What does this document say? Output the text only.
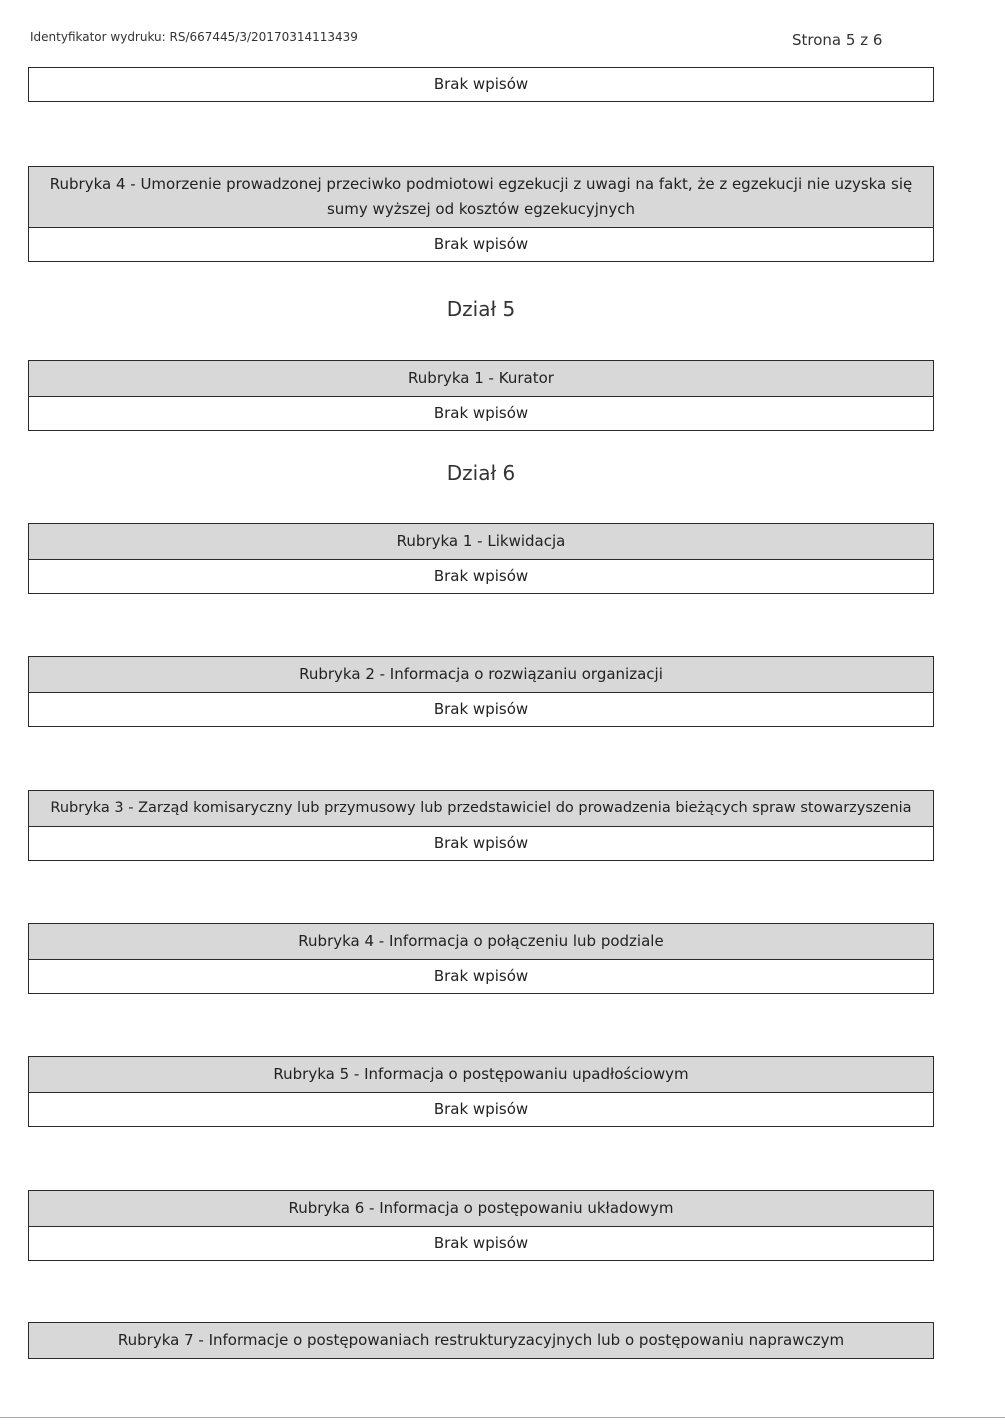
Identyfikator wydruku: RS/667445/3/20170314113439	Strona 5 z 6
Brak wpisów
Rubryka 4 - Umorzenie prowadzonej przeciwko podmiotowi egzekucji z uwagi na fakt, że z egzekucji nie uzyska się sumy wyższej od kosztów egzekucyjnych
Brak wpisów
Dział 5
Rubryka 1 - Kurator
Brak wpisów
Dział 6
Rubryka 1 - Likwidacja
Brak wpisów
Rubryka 2 - Informacja o rozwiązaniu organizacji
Brak wpisów
Rubryka 3 - Zarząd komisaryczny lub przymusowy lub przedstawiciel do prowadzenia bieżących spraw stowarzyszenia
Brak wpisów
Rubryka 4 - Informacja o połączeniu lub podziale
Brak wpisów
Rubryka 5 - Informacja o postępowaniu upadłościowym
Brak wpisów
Rubryka 6 - Informacja o postępowaniu układowym
Brak wpisów
Rubryka 7 - Informacje o postępowaniach restrukturyzacyjnych lub o postępowaniu naprawczym
